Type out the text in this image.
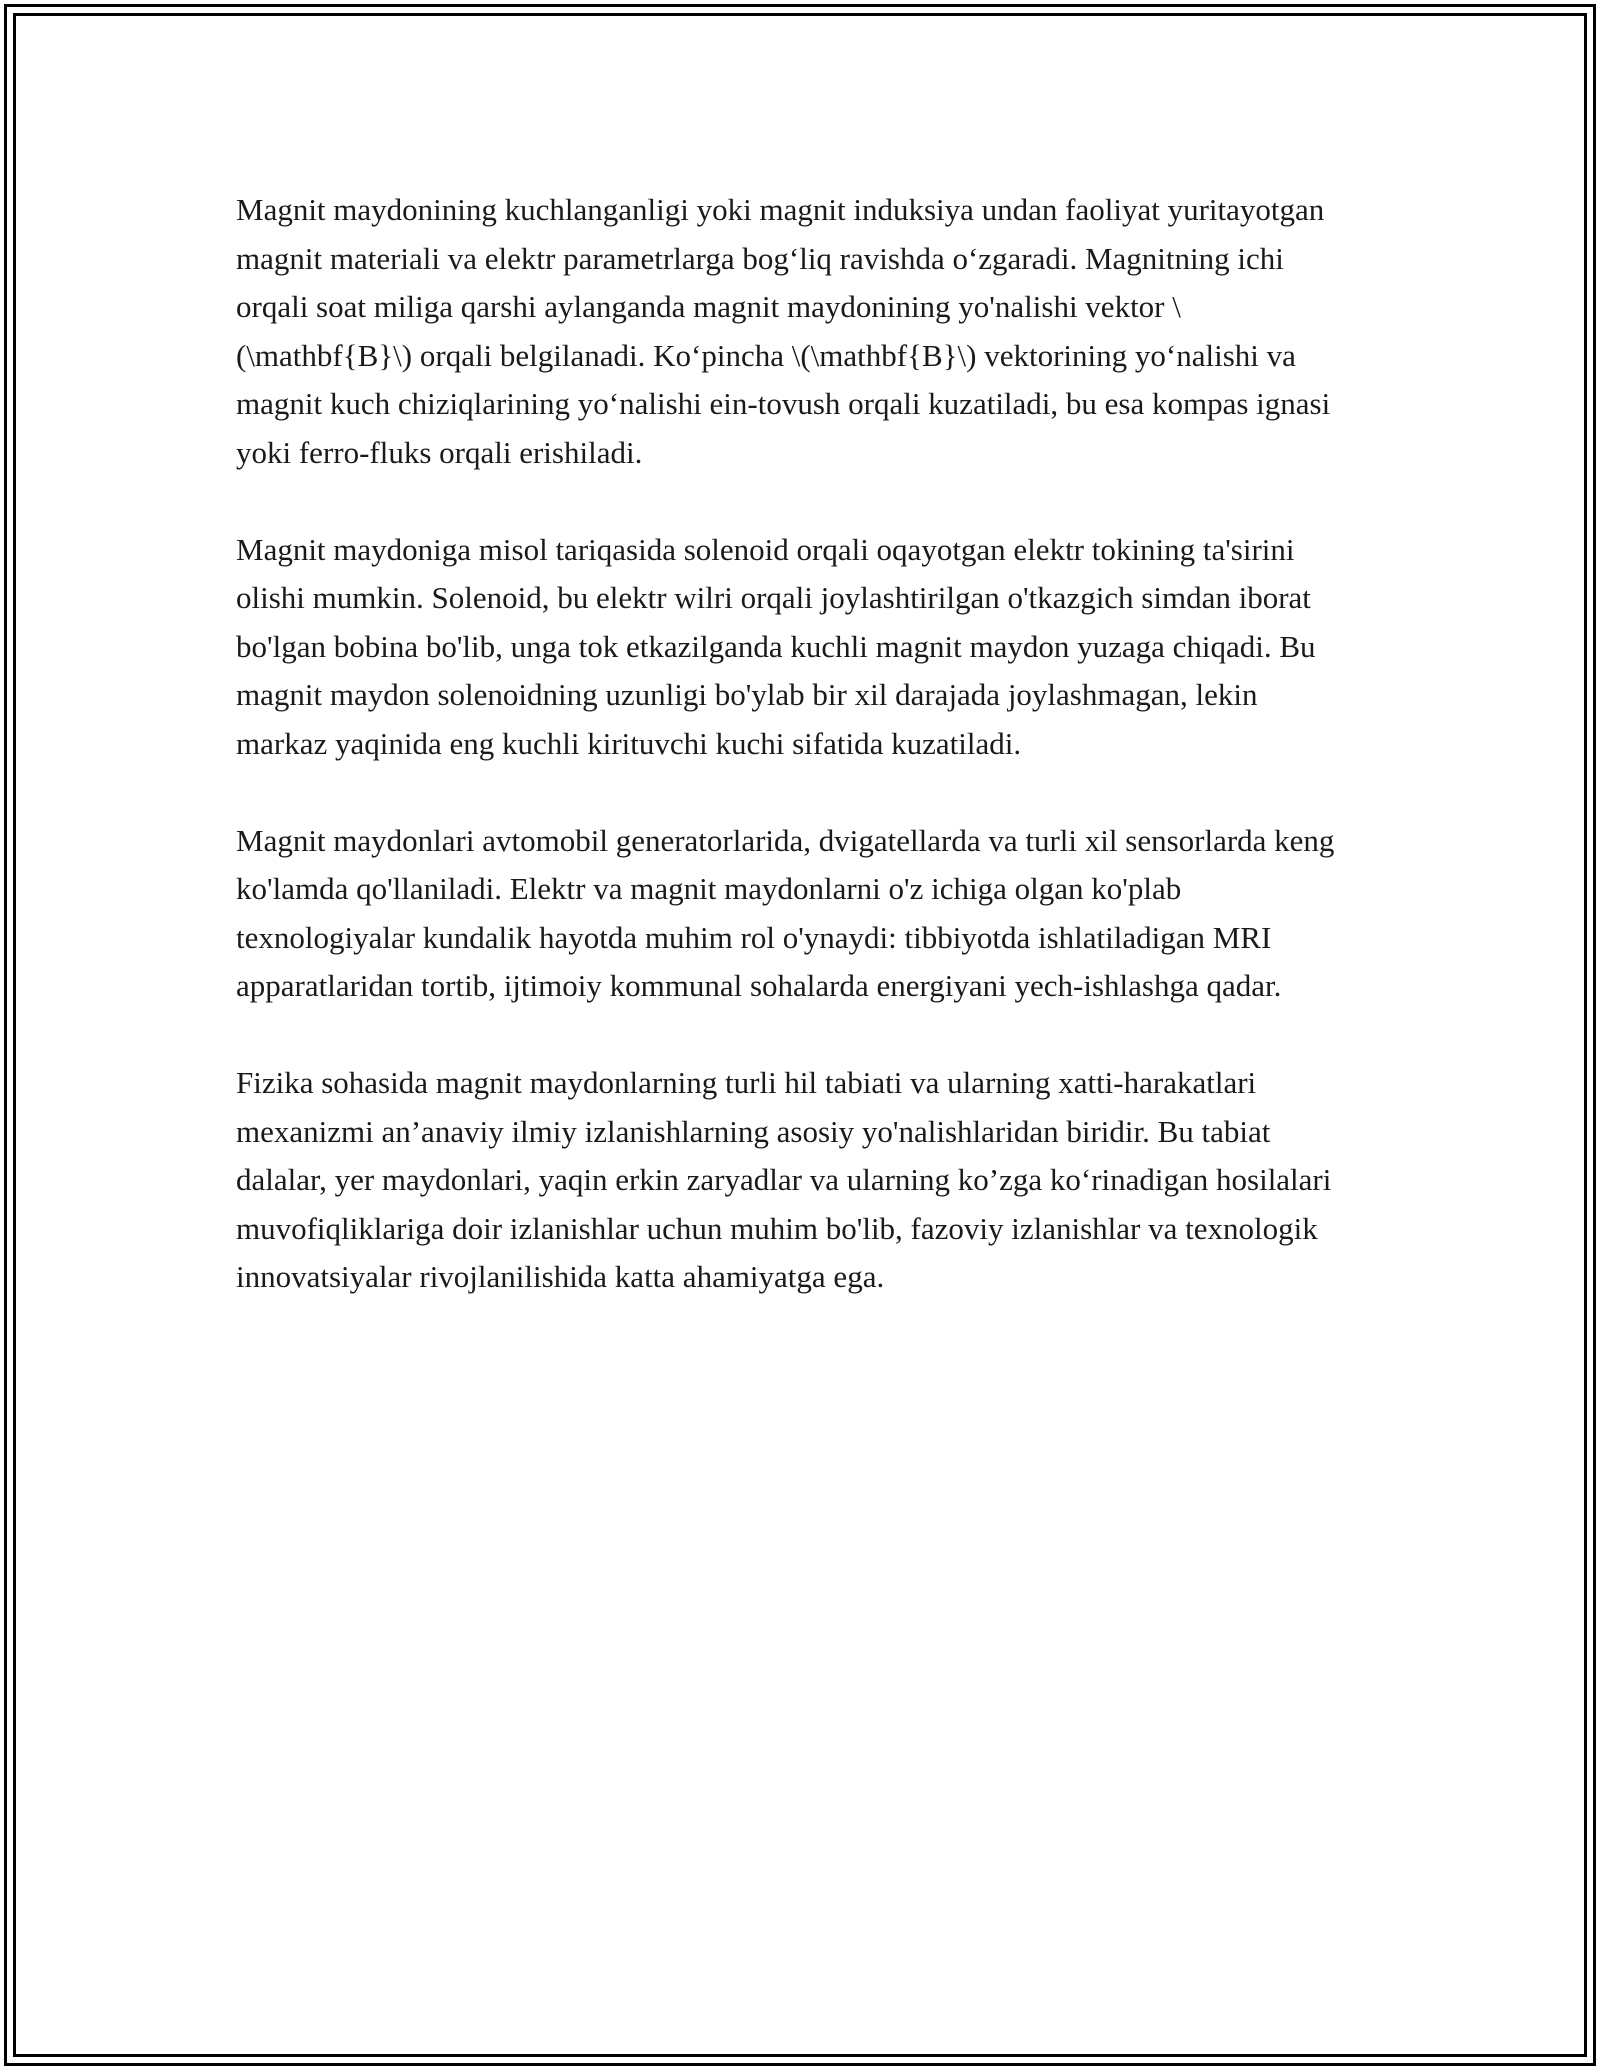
Magnit maydonining kuchlanganligi yoki magnit induksiya undan faoliyat yuritayotgan magnit materiali va elektr parametrlarga bog‘liq ravishda o‘zgaradi. Magnitning ichi orqali soat miliga qarshi aylanganda magnit maydonining yo'nalishi vektor \(\mathbf{B}\) orqali belgilanadi. Ko‘pincha \(\mathbf{B}\) vektorining yo‘nalishi va magnit kuch chiziqlarining yo‘nalishi ein-tovush orqali kuzatiladi, bu esa kompas ignasi yoki ferro-fluks orqali erishiladi.

Magnit maydoniga misol tariqasida solenoid orqali oqayotgan elektr tokining ta'sirini olishi mumkin. Solenoid, bu elektr wilri orqali joylashtirilgan o'tkazgich simdan iborat bo'lgan bobina bo'lib, unga tok etkazilganda kuchli magnit maydon yuzaga chiqadi. Bu magnit maydon solenoidning uzunligi bo'ylab bir xil darajada joylashmagan, lekin markaz yaqinida eng kuchli kirituvchi kuchi sifatida kuzatiladi.

Magnit maydonlari avtomobil generatorlarida, dvigatellarda va turli xil sensorlarda keng ko'lamda qo'llaniladi. Elektr va magnit maydonlarni o'z ichiga olgan ko'plab texnologiyalar kundalik hayotda muhim rol o'ynaydi: tibbiyotda ishlatiladigan MRI apparatlaridan tortib, ijtimoiy kommunal sohalarda energiyani yech-ishlashga qadar.

Fizika sohasida magnit maydonlarning turli hil tabiati va ularning xatti-harakatlari mexanizmi an’anaviy ilmiy izlanishlarning asosiy yo'nalishlaridan biridir. Bu tabiat dalalar, yer maydonlari, yaqin erkin zaryadlar va ularning ko’zga ko‘rinadigan hosilalari muvofiqliklariga doir izlanishlar uchun muhim bo'lib, fazoviy izlanishlar va texnologik innovatsiyalar rivojlanilishida katta ahamiyatga ega.
